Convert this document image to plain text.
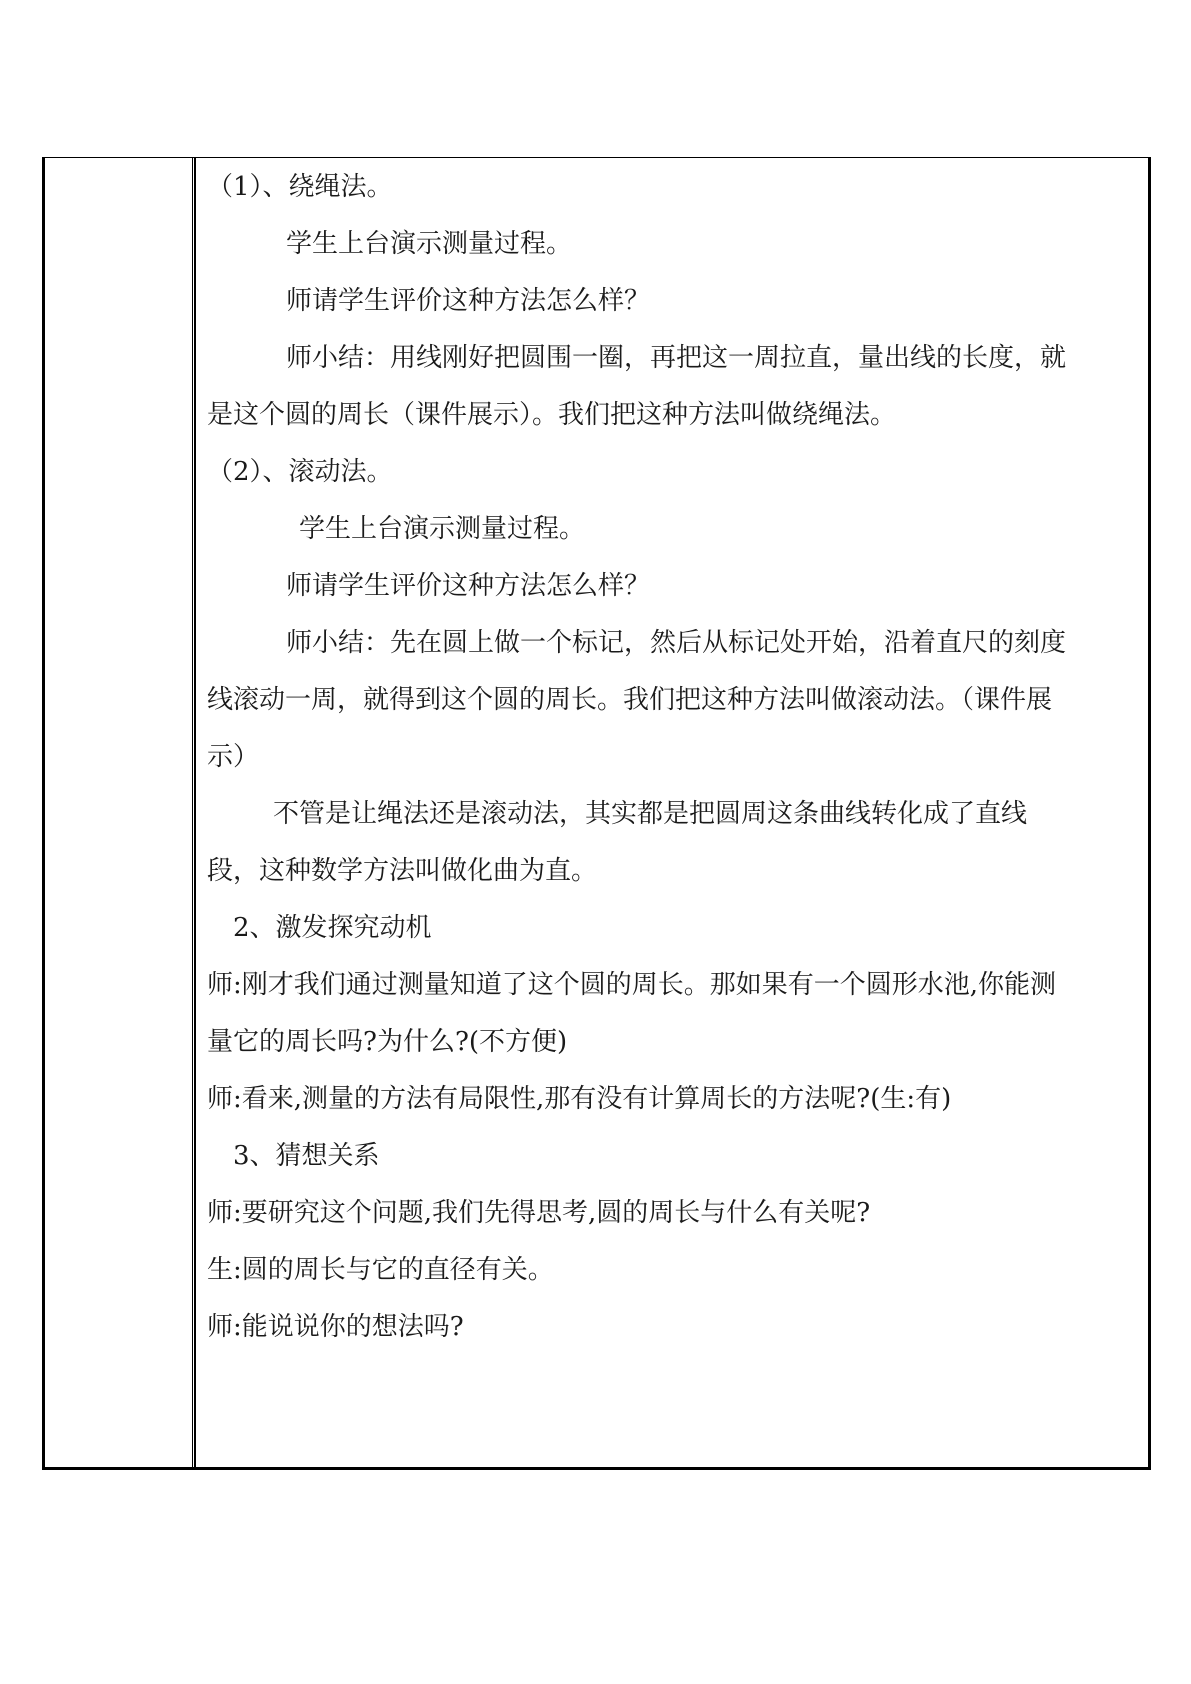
（1）、绕绳法。
学生上台演示测量过程。
师请学生评价这种方法怎么样？
师小结：用线刚好把圆围一圈，再把这一周拉直，量出线的长度，就
是这个圆的周长（课件展示）。我们把这种方法叫做绕绳法。
（2）、滚动法。
学生上台演示测量过程。
师请学生评价这种方法怎么样？
师小结：先在圆上做一个标记，然后从标记处开始，沿着直尺的刻度
线滚动一周，就得到这个圆的周长。我们把这种方法叫做滚动法。（课件展
示）
不管是让绳法还是滚动法，其实都是把圆周这条曲线转化成了直线
段，这种数学方法叫做化曲为直。
2、激发探究动机
师:刚才我们通过测量知道了这个圆的周长。那如果有一个圆形水池,你能测
量它的周长吗?为什么?(不方便)
师:看来,测量的方法有局限性,那有没有计算周长的方法呢?(生:有)
3、猜想关系
师:要研究这个问题,我们先得思考,圆的周长与什么有关呢?
生:圆的周长与它的直径有关。
师:能说说你的想法吗?
